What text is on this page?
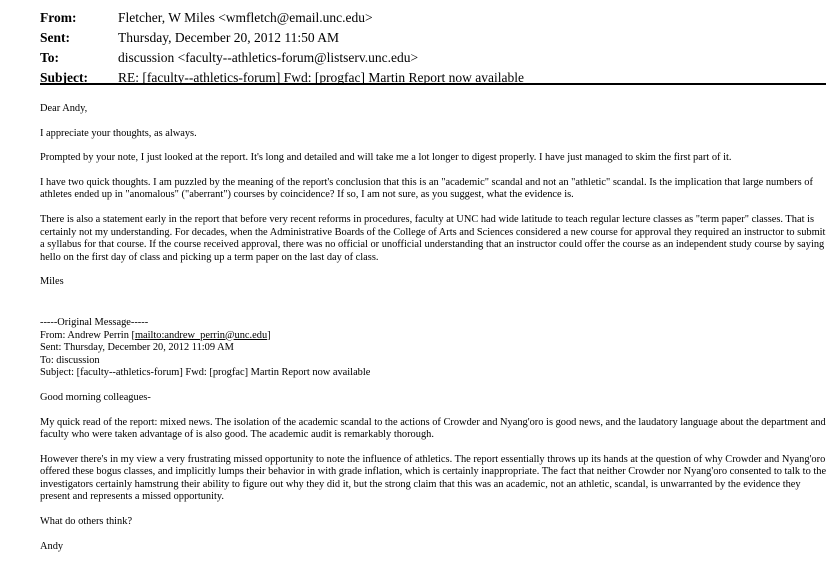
From:	Fletcher, W Miles <wmfletch@email.unc.edu>
Sent:	Thursday, December 20, 2012 11:50 AM
To:	discussion <faculty--athletics-forum@listserv.unc.edu>
Subject:	RE: [faculty--athletics-forum] Fwd: [progfac] Martin Report now available

Dear Andy,

I appreciate your thoughts, as always.

Prompted by your note, I just looked at the report. It's long and detailed and will take me a lot longer to digest properly. I have just managed to skim the first part of it.

I have two quick thoughts. I am puzzled by the meaning of the report's conclusion that this is an "academic" scandal and not an "athletic" scandal. Is the implication that large numbers of athletes ended up in "anomalous" ("aberrant") courses by coincidence? If so, I am not sure, as you suggest, what the evidence is.

There is also a statement early in the report that before very recent reforms in procedures, faculty at UNC had wide latitude to teach regular lecture classes as "term paper" classes. That is certainly not my understanding. For decades, when the Administrative Boards of the College of Arts and Sciences considered a new course for approval they required an instructor to submit a syllabus for that course. If the course received approval, there was no official or unofficial understanding that an instructor could offer the course as an independent study course by saying hello on the first day of class and picking up a term paper on the last day of class.

Miles

-----Original Message-----

From: Andrew Perrin [mailto:andrew_perrin@unc.edu]

Sent: Thursday, December 20, 2012 11:09 AM

To: discussion

Subject: [faculty--athletics-forum] Fwd: [progfac] Martin Report now available

Good morning colleagues-

My quick read of the report: mixed news. The isolation of the academic scandal to the actions of Crowder and Nyang'oro is good news, and the laudatory language about the department and faculty who were taken advantage of is also good. The academic audit is remarkably thorough.

However there's in my view a very frustrating missed opportunity to note the influence of athletics. The report essentially throws up its hands at the question of why Crowder and Nyang'oro offered these bogus classes, and implicitly lumps their behavior in with grade inflation, which is certainly inappropriate. The fact that neither Crowder nor Nyang'oro consented to talk to the investigators certainly hamstrung their ability to figure out why they did it, but the strong claim that this was an academic, not an athletic, scandal, is unwarranted by the evidence they present and represents a missed opportunity.

What do others think?

Andy
